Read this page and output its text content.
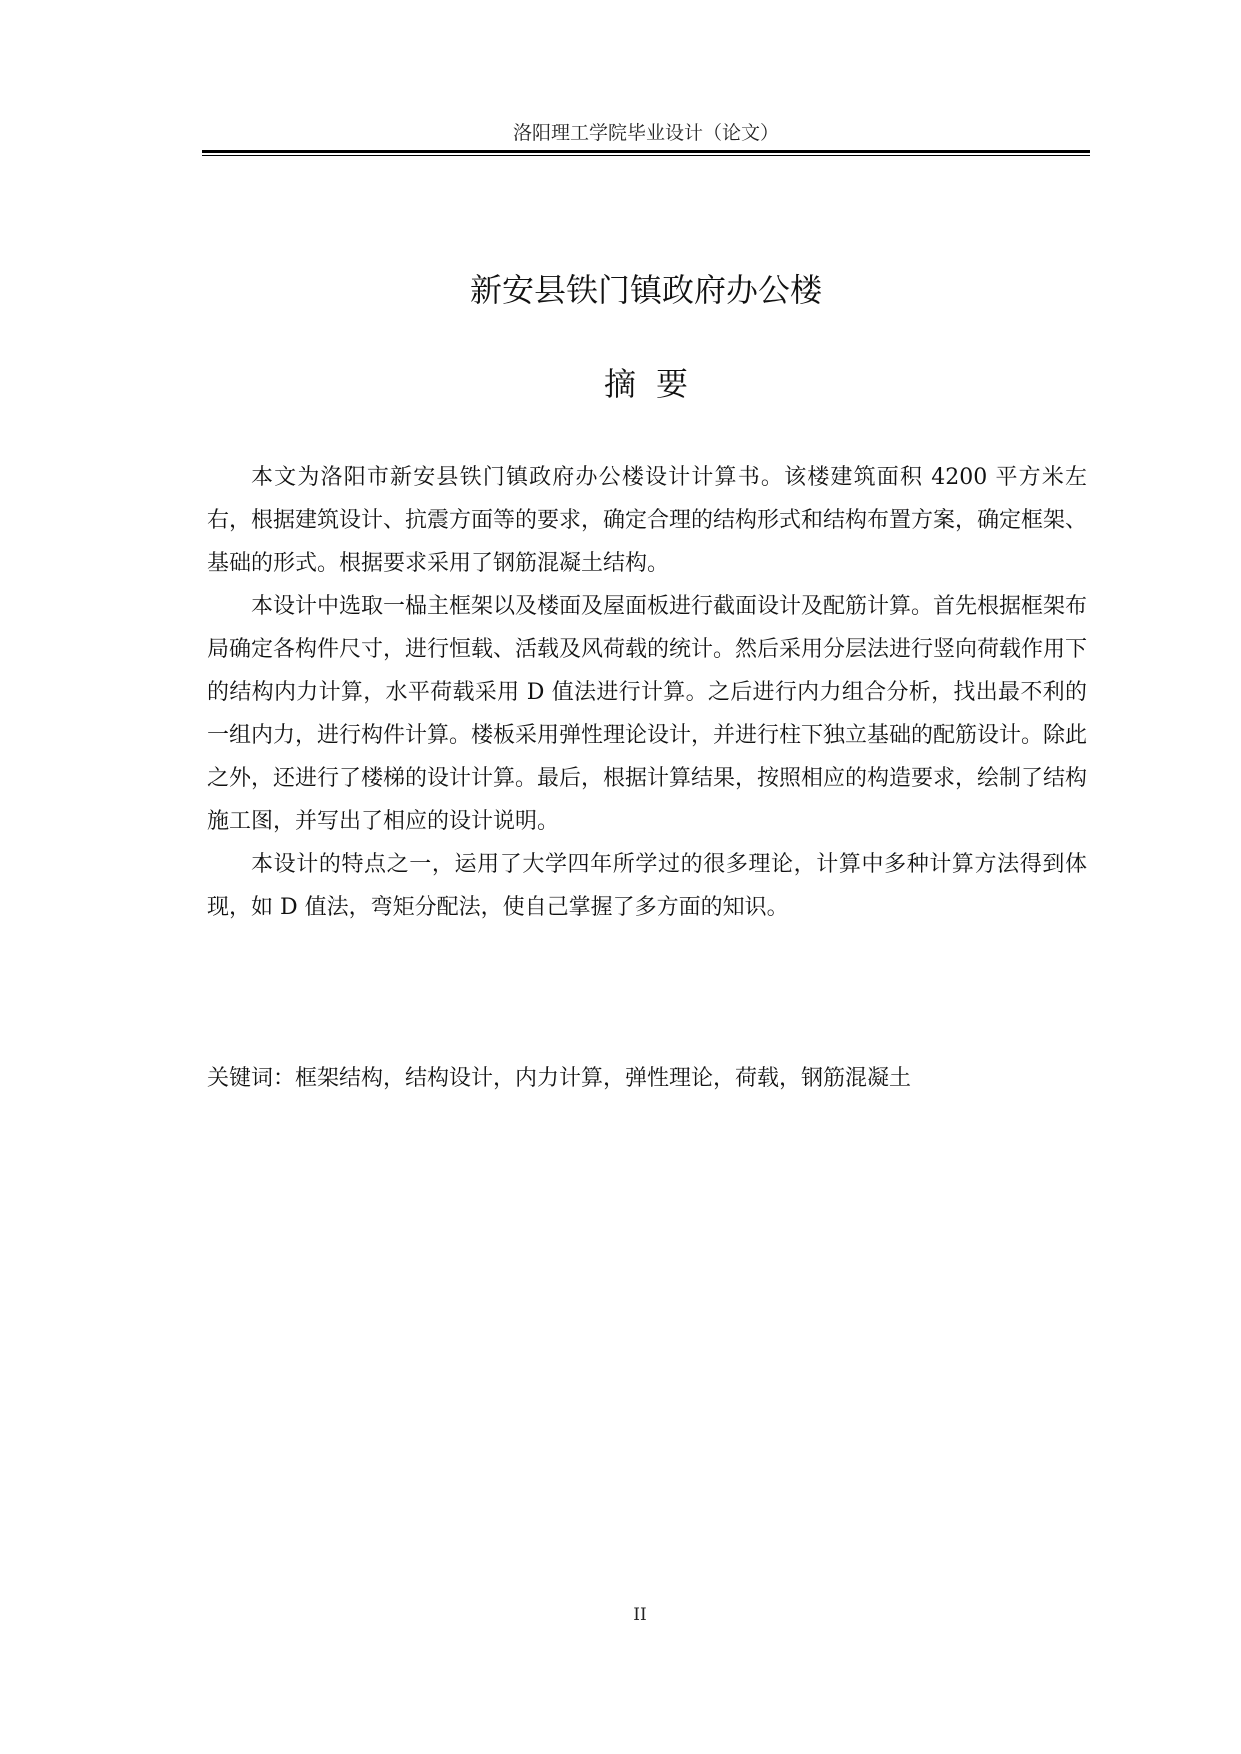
洛阳理工学院毕业设计（论文）
新安县铁门镇政府办公楼
摘要

本文为洛阳市新安县铁门镇政府办公楼设计计算书。该楼建筑面积 4200 平方米左右，根据建筑设计、抗震方面等的要求，确定合理的结构形式和结构布置方案，确定框架、基础的形式。根据要求采用了钢筋混凝土结构。

本设计中选取一榀主框架以及楼面及屋面板进行截面设计及配筋计算。首先根据框架布局确定各构件尺寸，进行恒载、活载及风荷载的统计。然后采用分层法进行竖向荷载作用下的结构内力计算，水平荷载采用 D 值法进行计算。之后进行内力组合分析，找出最不利的一组内力，进行构件计算。楼板采用弹性理论设计，并进行柱下独立基础的配筋设计。除此之外，还进行了楼梯的设计计算。最后，根据计算结果，按照相应的构造要求，绘制了结构施工图，并写出了相应的设计说明。

本设计的特点之一，运用了大学四年所学过的很多理论，计算中多种计算方法得到体现，如 D 值法，弯矩分配法，使自己掌握了多方面的知识。

关键词：框架结构，结构设计，内力计算，弹性理论，荷载，钢筋混凝土
II
